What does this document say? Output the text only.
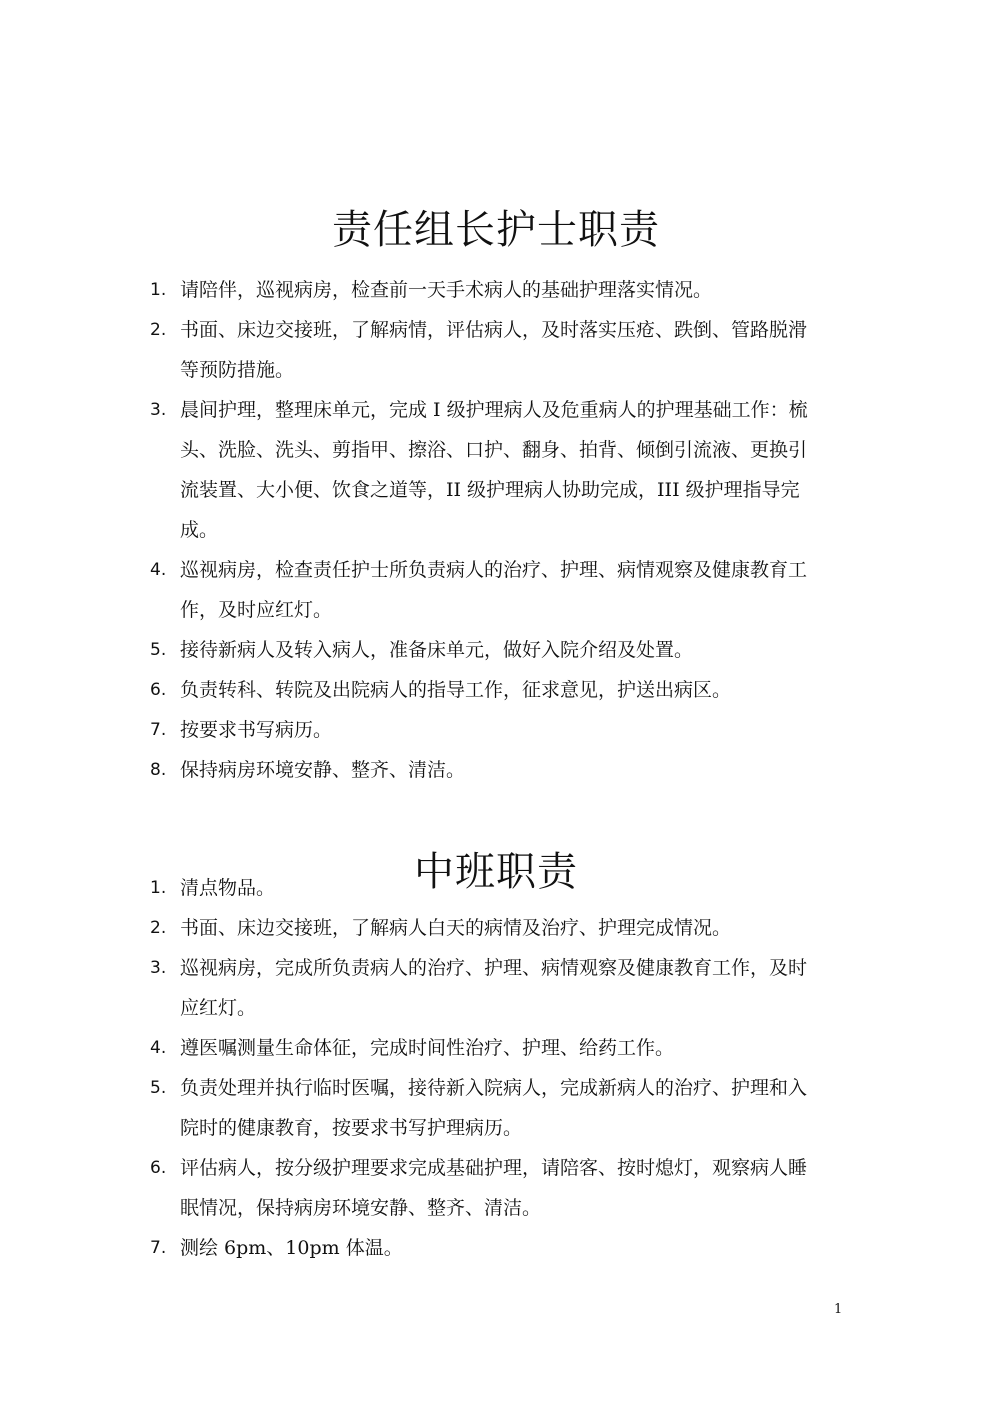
责任组长护士职责
1. 请陪伴，巡视病房，检查前一天手术病人的基础护理落实情况。
2. 书面、床边交接班，了解病情，评估病人，及时落实压疮、跌倒、管路脱滑
等预防措施。
3. 晨间护理，整理床单元，完成 I 级护理病人及危重病人的护理基础工作：梳
头、洗脸、洗头、剪指甲、擦浴、口护、翻身、拍背、倾倒引流液、更换引
流装置、大小便、饮食之道等，II 级护理病人协助完成，III 级护理指导完
成。
4. 巡视病房，检查责任护士所负责病人的治疗、护理、病情观察及健康教育工
作，及时应红灯。
5. 接待新病人及转入病人，准备床单元，做好入院介绍及处置。
6. 负责转科、转院及出院病人的指导工作，征求意见，护送出病区。
7. 按要求书写病历。
8. 保持病房环境安静、整齐、清洁。
中班职责
1. 清点物品。
2. 书面、床边交接班，了解病人白天的病情及治疗、护理完成情况。
3. 巡视病房，完成所负责病人的治疗、护理、病情观察及健康教育工作，及时
应红灯。
4. 遵医嘱测量生命体征，完成时间性治疗、护理、给药工作。
5. 负责处理并执行临时医嘱，接待新入院病人，完成新病人的治疗、护理和入
院时的健康教育，按要求书写护理病历。
6. 评估病人，按分级护理要求完成基础护理，请陪客、按时熄灯，观察病人睡
眠情况，保持病房环境安静、整齐、清洁。
7. 测绘 6pm、10pm 体温。
1
